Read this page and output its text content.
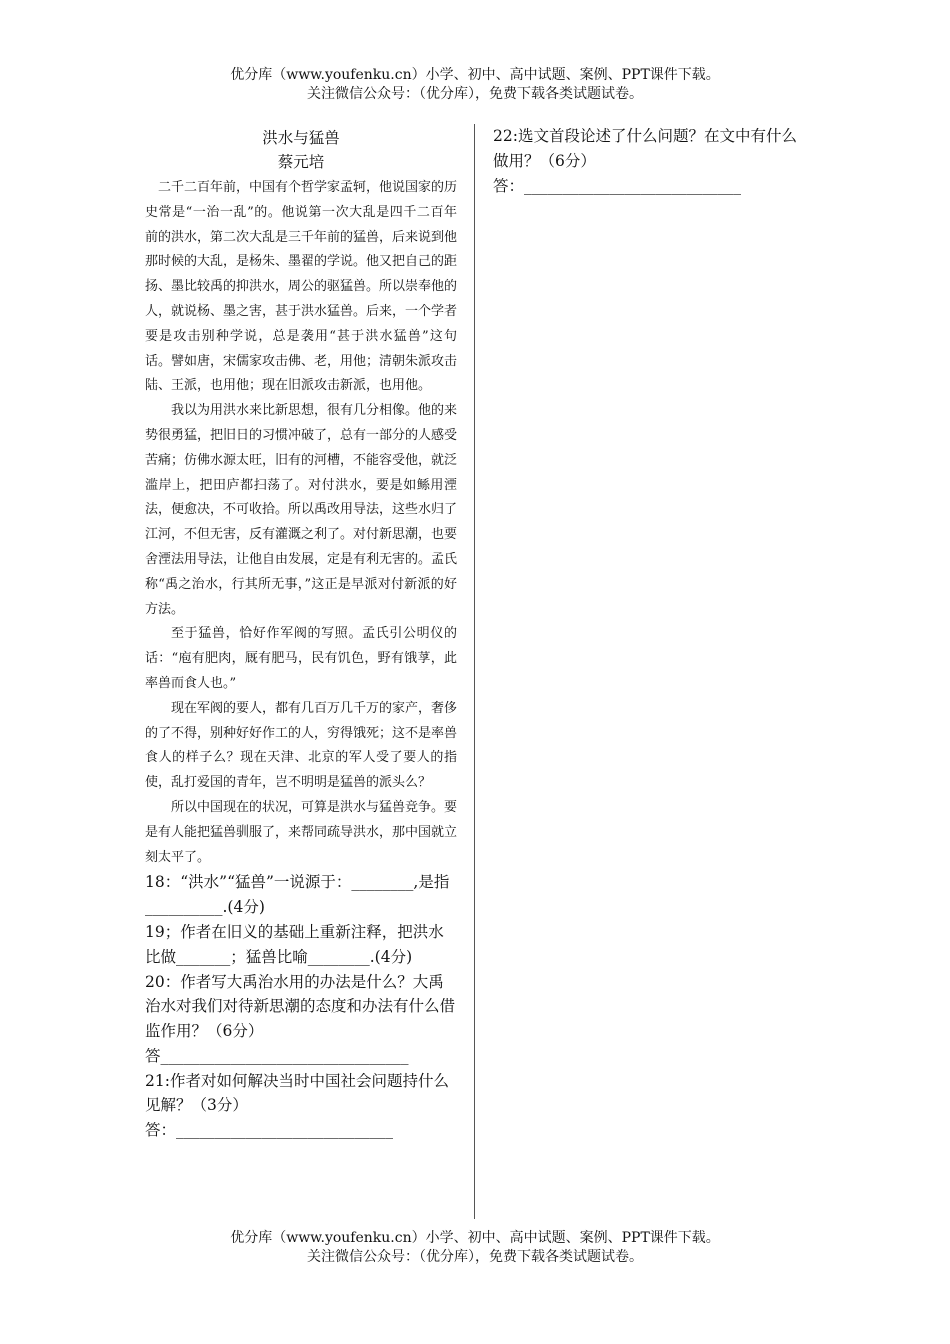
优分库（www.youfenku.cn）小学、初中、高中试题、案例、PPT课件下载。
关注微信公众号：（优分库），免费下载各类试题试卷。

洪水与猛兽

蔡元培

二千二百年前，中国有个哲学家孟轲，他说国家的历史常是“一治一乱”的。他说第一次大乱是四千二百年前的洪水，第二次大乱是三千年前的猛兽，后来说到他那时候的大乱，是杨朱、墨翟的学说。他又把自己的距扬、墨比较禹的抑洪水，周公的驱猛兽。所以崇奉他的人，就说杨、墨之害，甚于洪水猛兽。后来，一个学者要是攻击别种学说，总是袭用“甚于洪水猛兽”这句话。譬如唐，宋儒家攻击佛、老，用他；清朝朱派攻击陆、王派，也用他；现在旧派攻击新派，也用他。

我以为用洪水来比新思想，很有几分相像。他的来势很勇猛，把旧日的习惯冲破了，总有一部分的人感受苦痛；仿佛水源太旺，旧有的河槽，不能容受他，就泛滥岸上，把田庐都扫荡了。对付洪水，要是如鲧用湮法，便愈决，不可收拾。所以禹改用导法，这些水归了江河，不但无害，反有灌溉之利了。对付新思潮，也要舍湮法用导法，让他自由发展，定是有利无害的。孟氏称“禹之治水，行其所无事，”这正是早派对付新派的好方法。

至于猛兽，恰好作军阀的写照。孟氏引公明仪的话：“庖有肥肉，厩有肥马，民有饥色，野有饿莩，此率兽而食人也。”

现在军阀的要人，都有几百万几千万的家产，奢侈的了不得，别种好好作工的人，穷得饿死；这不是率兽食人的样子么？现在天津、北京的军人受了要人的指使，乱打爱国的青年，岂不明明是猛兽的派头么？

所以中国现在的状况，可算是洪水与猛兽竞争。要是有人能把猛兽驯服了，来帮同疏导洪水，那中国就立刻太平了。

18：“洪水”“猛兽”一说源于：________,是指__________.(4分)

19；作者在旧义的基础上重新注释，把洪水比做_______；猛兽比喻________.(4分)

20：作者写大禹治水用的办法是什么？大禹治水对我们对待新思潮的态度和办法有什么借监作用？（6分）

答________________________________

21:作者对如何解决当时中国社会问题持什么见解？（3分）

答：____________________________

22:选文首段论述了什么问题？在文中有什么做用？（6分）

答：____________________________

优分库（www.youfenku.cn）小学、初中、高中试题、案例、PPT课件下载。
关注微信公众号：（优分库），免费下载各类试题试卷。
